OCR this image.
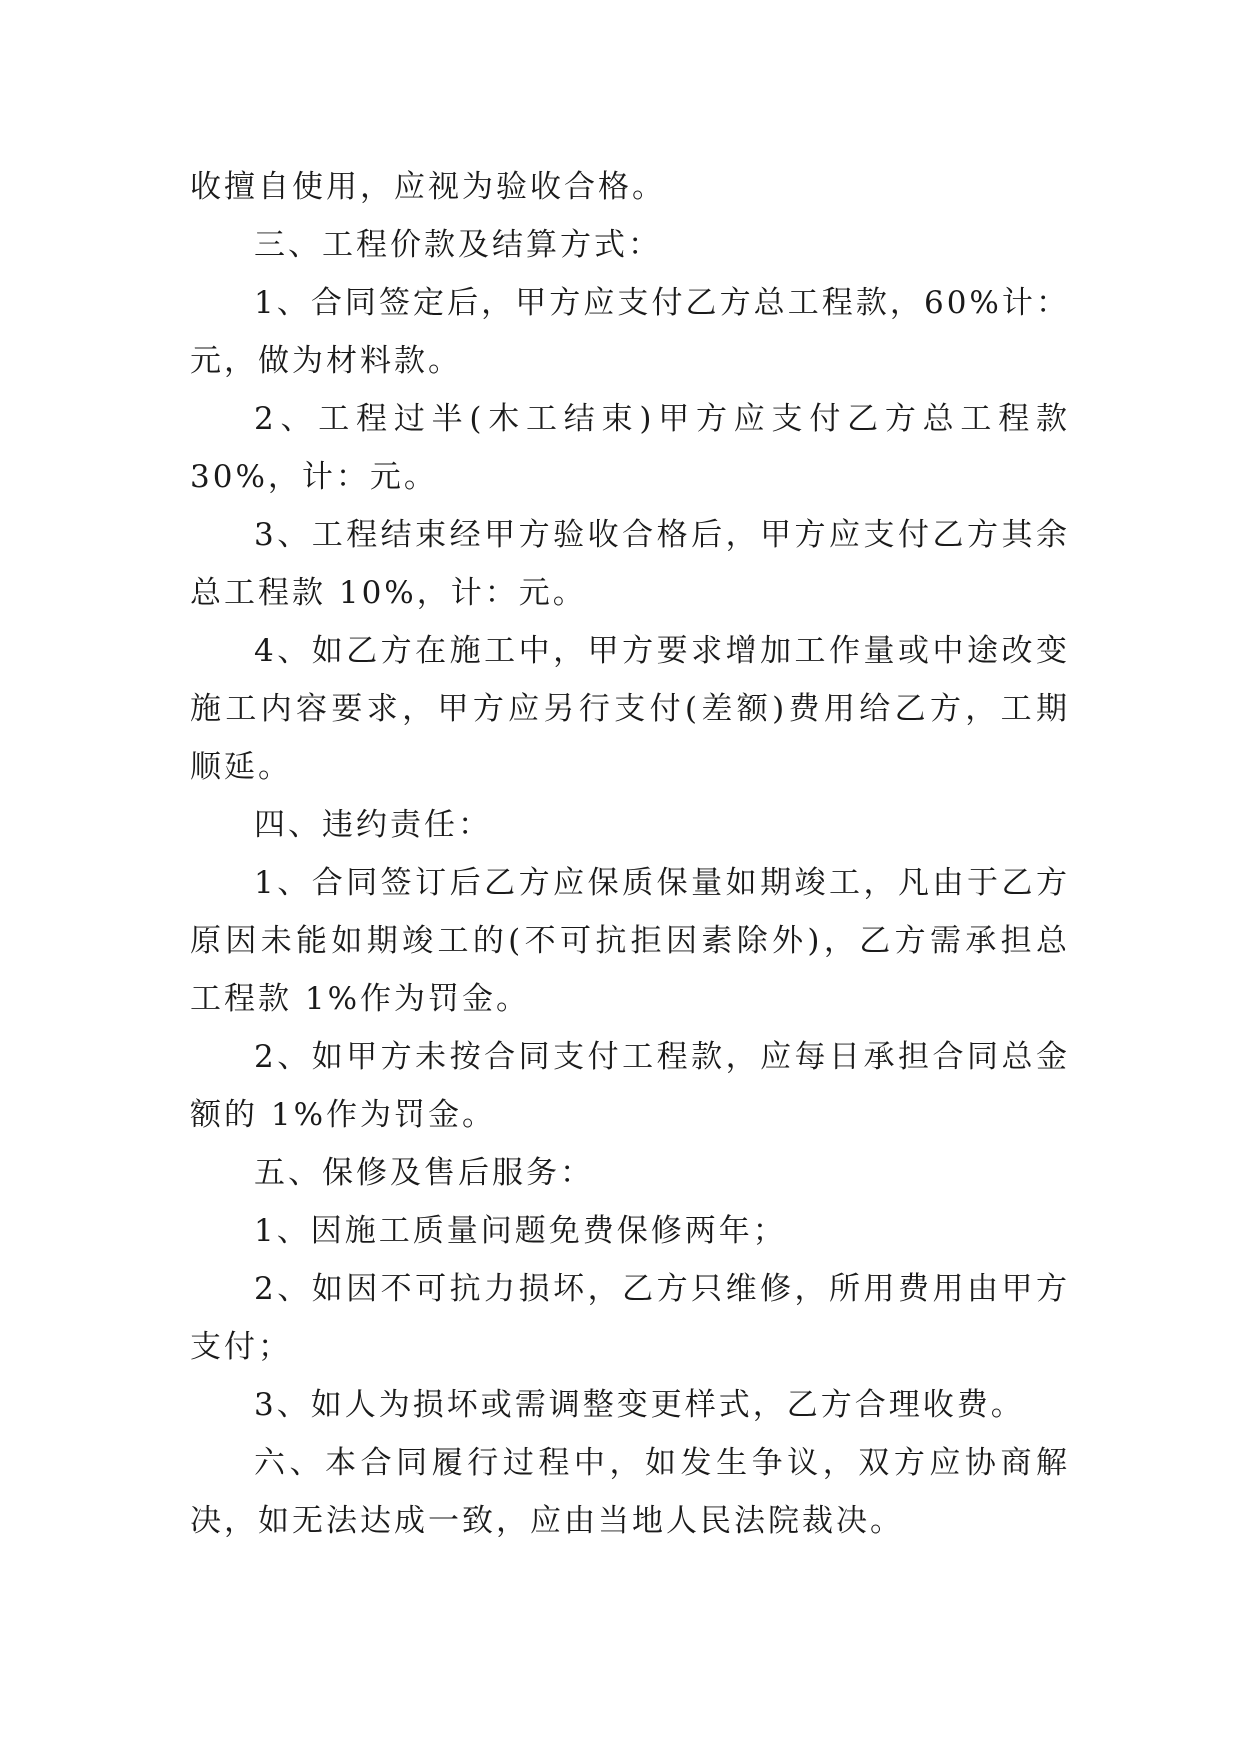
收擅自使用，应视为验收合格。

三、工程价款及结算方式：

1、合同签定后，甲方应支付乙方总工程款，60%计：元，做为材料款。

2、工程过半(木工结束)甲方应支付乙方总工程款 30%，计：元。

3、工程结束经甲方验收合格后，甲方应支付乙方其余总工程款 10%，计：元。

4、如乙方在施工中，甲方要求增加工作量或中途改变施工内容要求，甲方应另行支付(差额)费用给乙方，工期顺延。

四、违约责任：

1、合同签订后乙方应保质保量如期竣工，凡由于乙方原因未能如期竣工的(不可抗拒因素除外)，乙方需承担总工程款 1%作为罚金。

2、如甲方未按合同支付工程款，应每日承担合同总金额的 1%作为罚金。

五、保修及售后服务：

1、因施工质量问题免费保修两年；

2、如因不可抗力损坏，乙方只维修，所用费用由甲方支付；

3、如人为损坏或需调整变更样式，乙方合理收费。

六、本合同履行过程中，如发生争议，双方应协商解决，如无法达成一致，应由当地人民法院裁决。
